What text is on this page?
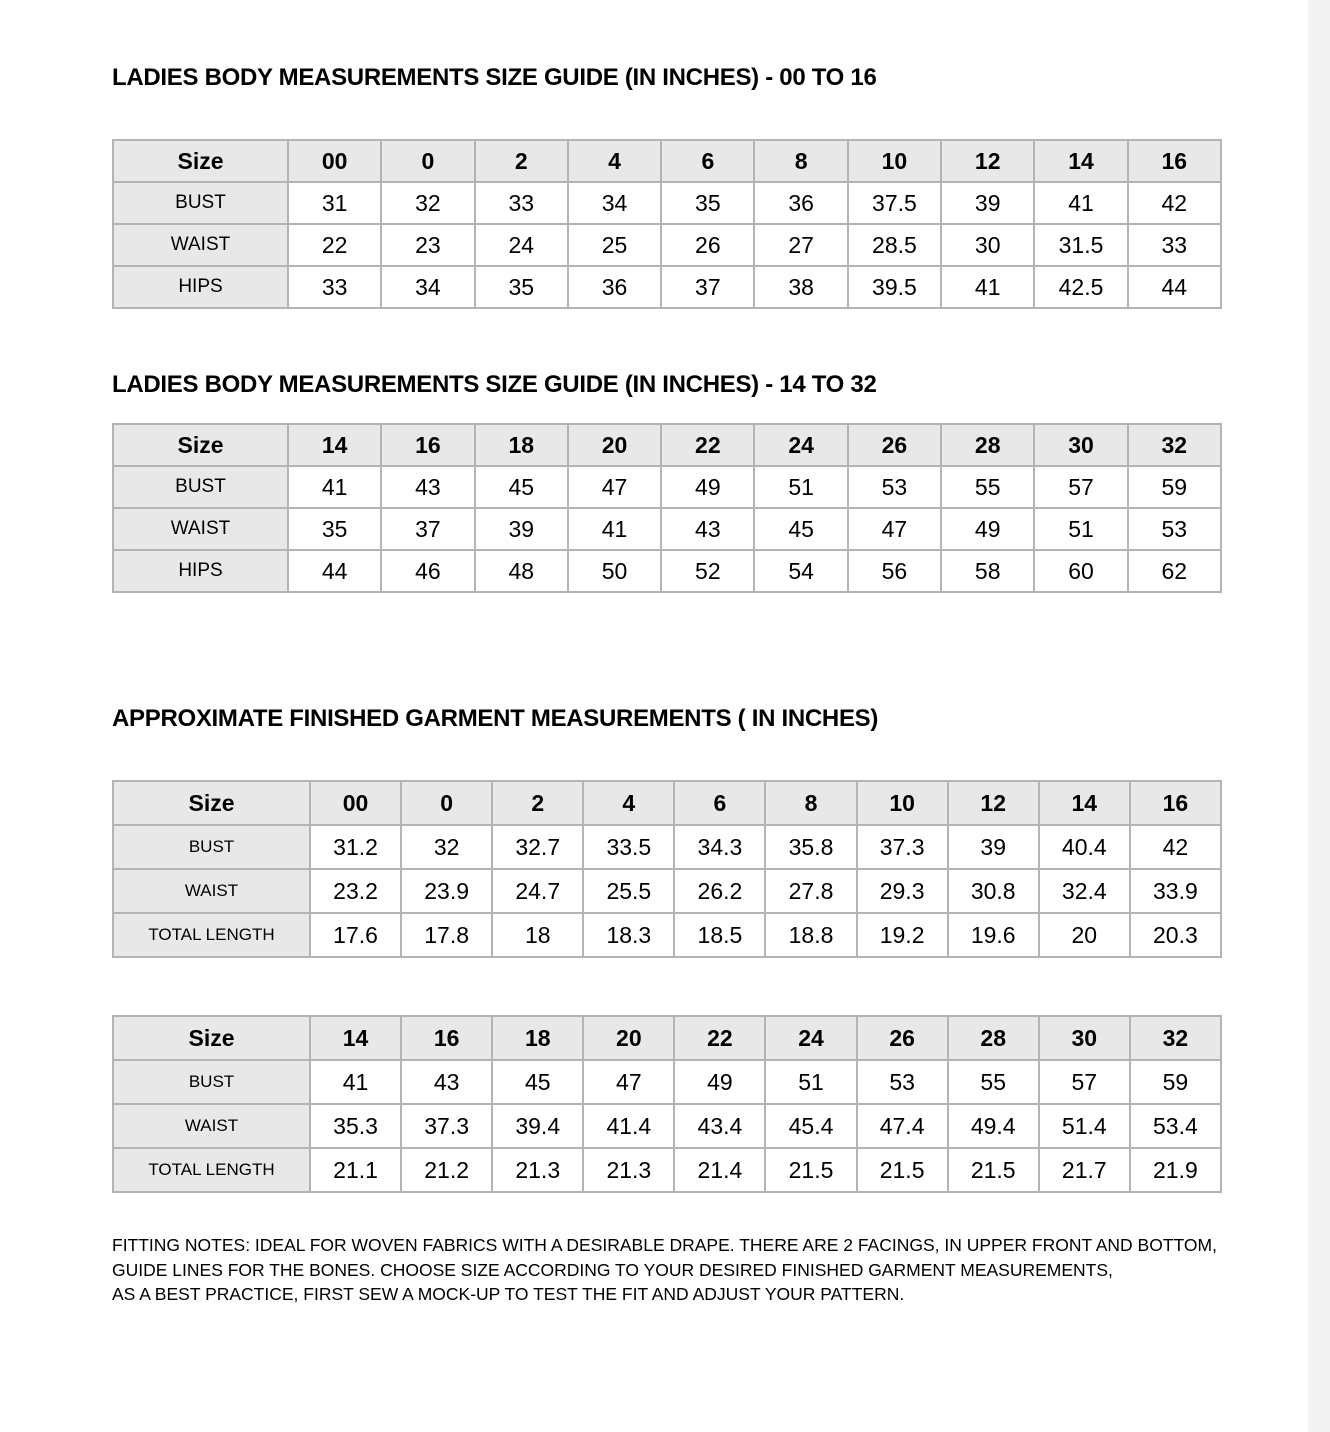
LADIES BODY MEASUREMENTS SIZE GUIDE (IN INCHES) - 00 TO 16
Size	00	0	2	4	6	8	10	12	14	16
BUST	31	32	33	34	35	36	37.5	39	41	42
WAIST	22	23	24	25	26	27	28.5	30	31.5	33
HIPS	33	34	35	36	37	38	39.5	41	42.5	44
LADIES BODY MEASUREMENTS SIZE GUIDE (IN INCHES) - 14 TO 32
Size	14	16	18	20	22	24	26	28	30	32
BUST	41	43	45	47	49	51	53	55	57	59
WAIST	35	37	39	41	43	45	47	49	51	53
HIPS	44	46	48	50	52	54	56	58	60	62
APPROXIMATE FINISHED GARMENT MEASUREMENTS ( IN INCHES)
Size	00	0	2	4	6	8	10	12	14	16
BUST	31.2	32	32.7	33.5	34.3	35.8	37.3	39	40.4	42
WAIST	23.2	23.9	24.7	25.5	26.2	27.8	29.3	30.8	32.4	33.9
TOTAL LENGTH	17.6	17.8	18	18.3	18.5	18.8	19.2	19.6	20	20.3
Size	14	16	18	20	22	24	26	28	30	32
BUST	41	43	45	47	49	51	53	55	57	59
WAIST	35.3	37.3	39.4	41.4	43.4	45.4	47.4	49.4	51.4	53.4
TOTAL LENGTH	21.1	21.2	21.3	21.3	21.4	21.5	21.5	21.5	21.7	21.9

FITTING NOTES: IDEAL FOR WOVEN FABRICS WITH A DESIRABLE DRAPE. THERE ARE 2 FACINGS, IN UPPER FRONT AND BOTTOM,

GUIDE LINES FOR THE BONES. CHOOSE SIZE ACCORDING TO YOUR DESIRED FINISHED GARMENT MEASUREMENTS,

AS A BEST PRACTICE, FIRST SEW A MOCK-UP TO TEST THE FIT AND ADJUST YOUR PATTERN.
